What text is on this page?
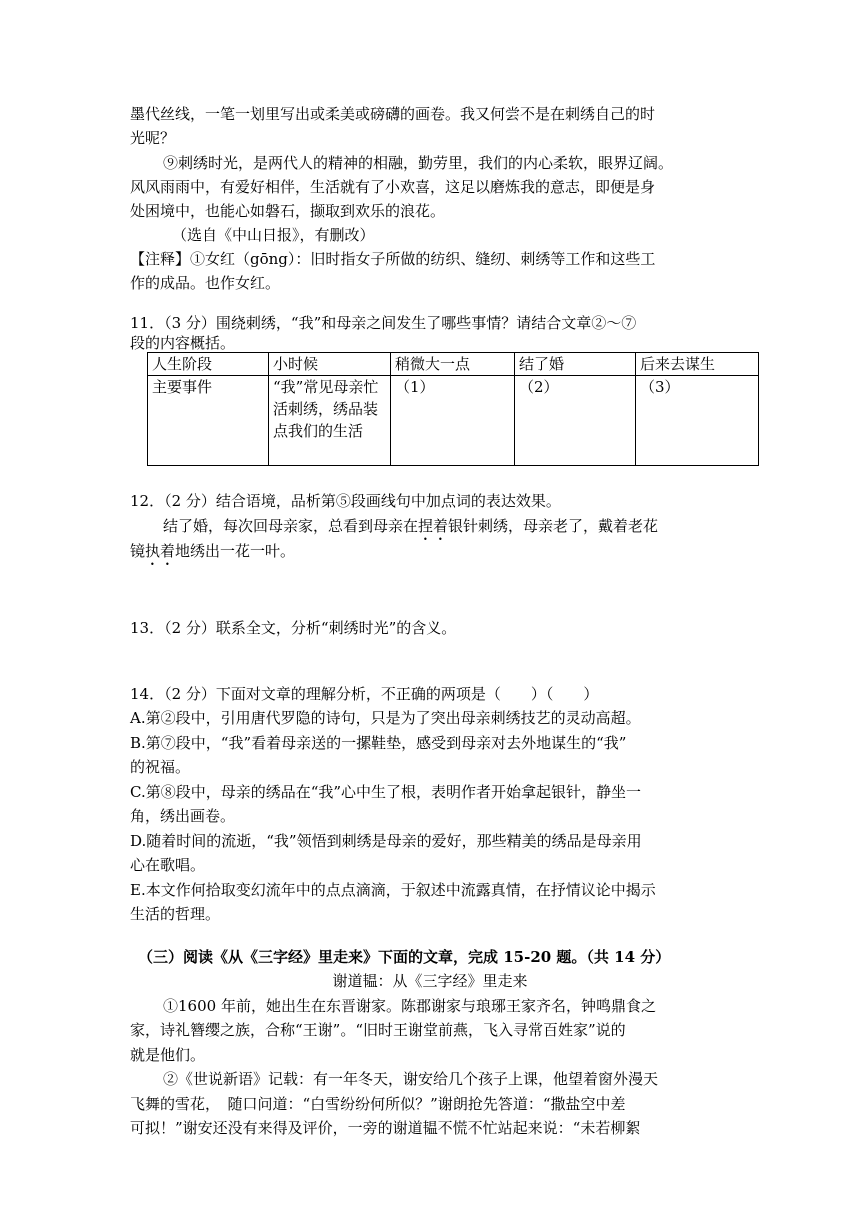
墨代丝线，一笔一划里写出或柔美或磅礴的画卷。我又何尝不是在刺绣自己的时
光呢？
⑨刺绣时光，是两代人的精神的相融，勤劳里，我们的内心柔软，眼界辽阔。
风风雨雨中，有爱好相伴，生活就有了小欢喜，这足以磨炼我的意志，即便是身
处困境中，也能心如磐石，撷取到欢乐的浪花。
（选自《中山日报》，有删改）
【注释】①女红（gōng）：旧时指女子所做的纺织、缝纫、刺绣等工作和这些工
作的成品。也作女红。
11．（3 分）围绕刺绣，“我”和母亲之间发生了哪些事情？请结合文章②～⑦
段的内容概括。
人生阶段	小时候	稍微大一点	结了婚	后来去谋生
主要事件	“我”常见母亲忙活刺绣，绣品装点我们的生活	（1）	（2）	（3）
12．（2 分）结合语境，品析第⑤段画线句中加点词的表达效果。
结了婚，每次回母亲家，总看到母亲在捏着银针刺绣，母亲老了，戴着老花
镜执着地绣出一花一叶。
13．（2 分）联系全文，分析“刺绣时光”的含义。
14．（2 分）下面对文章的理解分析，不正确的两项是（　　）（　　）
A.第②段中，引用唐代罗隐的诗句，只是为了突出母亲刺绣技艺的灵动高超。
B.第⑦段中，“我”看着母亲送的一摞鞋垫，感受到母亲对去外地谋生的“我”
的祝福。
C.第⑧段中，母亲的绣品在“我”心中生了根，表明作者开始拿起银针，静坐一
角，绣出画卷。
D.随着时间的流逝，“我”领悟到刺绣是母亲的爱好，那些精美的绣品是母亲用
心在歌唱。
E.本文作何拾取变幻流年中的点点滴滴，于叙述中流露真情，在抒情议论中揭示
生活的哲理。
（三）阅读《从《三字经》里走来》下面的文章，完成 15-20 题。（共 14 分）
谢道韫：从《三字经》里走来
①1600 年前，她出生在东晋谢家。陈郡谢家与琅琊王家齐名，钟鸣鼎食之
家，诗礼簪缨之族，合称“王谢”。“旧时王谢堂前燕，飞入寻常百姓家”说的
就是他们。
②《世说新语》记载：有一年冬天，谢安给几个孩子上课，他望着窗外漫天
飞舞的雪花，　随口问道：“白雪纷纷何所似？”谢朗抢先答道：“撒盐空中差
可拟！”谢安还没有来得及评价，一旁的谢道韫不慌不忙站起来说：“未若柳絮
